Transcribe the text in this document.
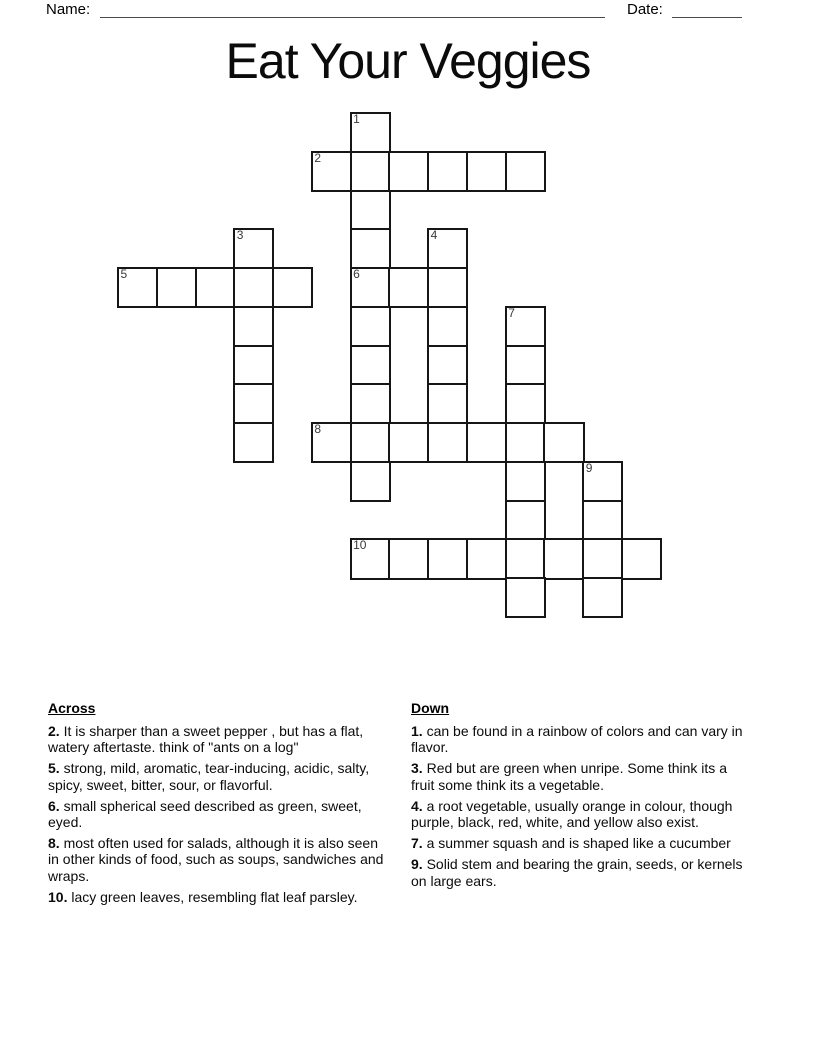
Name:	Date:
Eat Your Veggies
1
2
3	4
5	6
7
8
9
10
Across

2. It is sharper than a sweet pepper , but has a flat, watery aftertaste. think of "ants on a log"

5. strong, mild, aromatic, tear-inducing, acidic, salty, spicy, sweet, bitter, sour, or flavorful.

6. small spherical seed described as green, sweet, eyed.

8. most often used for salads, although it is also seen in other kinds of food, such as soups, sandwiches and wraps.

10. lacy green leaves, resembling flat leaf parsley.

Down

1. can be found in a rainbow of colors and can vary in flavor.

3. Red but are green when unripe. Some think its a fruit some think its a vegetable.

4. a root vegetable, usually orange in colour, though purple, black, red, white, and yellow also exist.

7. a summer squash and is shaped like a cucumber

9. Solid stem and bearing the grain, seeds, or kernels on large ears.
